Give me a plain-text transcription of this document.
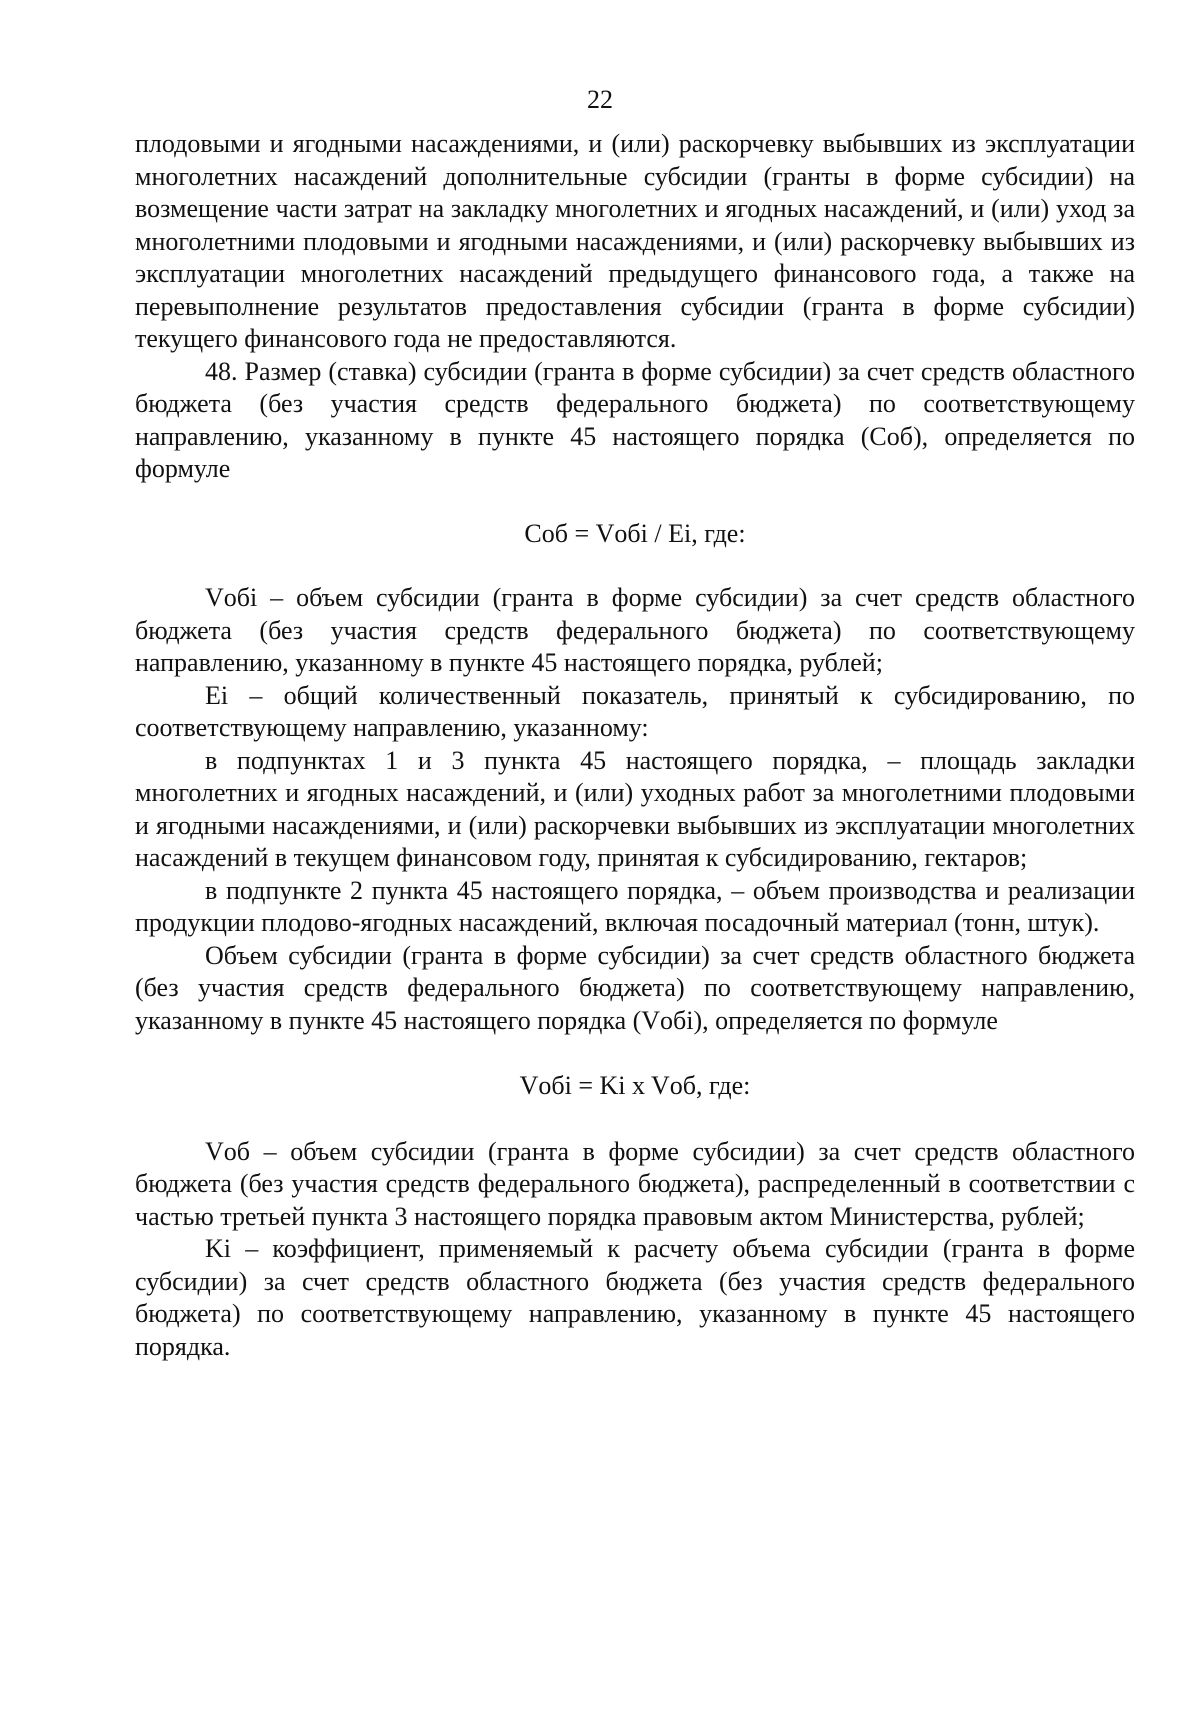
22

плодовыми и ягодными насаждениями, и (или) раскорчевку выбывших из эксплуатации многолетних насаждений дополнительные субсидии (гранты в форме субсидии) на возмещение части затрат на закладку многолетних и ягодных насаждений, и (или) уход за многолетними плодовыми и ягодными насаждениями, и (или) раскорчевку выбывших из эксплуатации многолетних насаждений предыдущего финансового года, а также на перевыполнение результатов предоставления субсидии (гранта в форме субсидии) текущего финансового года не предоставляются.

48. Размер (ставка) субсидии (гранта в форме субсидии) за счет средств областного бюджета (без участия средств федерального бюджета) по соответствующему направлению, указанному в пункте 45 настоящего порядка (Соб), определяется по формуле

Соб = Vобi / Ei, где:

Vобi – объем субсидии (гранта в форме субсидии) за счет средств областного бюджета (без участия средств федерального бюджета) по соответствующему направлению, указанному в пункте 45 настоящего порядка, рублей;

Ei – общий количественный показатель, принятый к субсидированию, по соответствующему направлению, указанному:

в подпунктах 1 и 3 пункта 45 настоящего порядка, – площадь закладки многолетних и ягодных насаждений, и (или) уходных работ за многолетними плодовыми и ягодными насаждениями, и (или) раскорчевки выбывших из эксплуатации многолетних насаждений в текущем финансовом году, принятая к субсидированию, гектаров;

в подпункте 2 пункта 45 настоящего порядка, – объем производства и реализации продукции плодово-ягодных насаждений, включая посадочный материал (тонн, штук).

Объем субсидии (гранта в форме субсидии) за счет средств областного бюджета (без участия средств федерального бюджета) по соответствующему направлению, указанному в пункте 45 настоящего порядка (Vобi), определяется по формуле

Vобi = Ki x Vоб, где:

Vоб – объем субсидии (гранта в форме субсидии) за счет средств областного бюджета (без участия средств федерального бюджета), распределенный в соответствии с частью третьей пункта 3 настоящего порядка правовым актом Министерства, рублей;

Ki – коэффициент, применяемый к расчету объема субсидии (гранта в форме субсидии) за счет средств областного бюджета (без участия средств федерального бюджета) по соответствующему направлению, указанному в пункте 45 настоящего порядка.
